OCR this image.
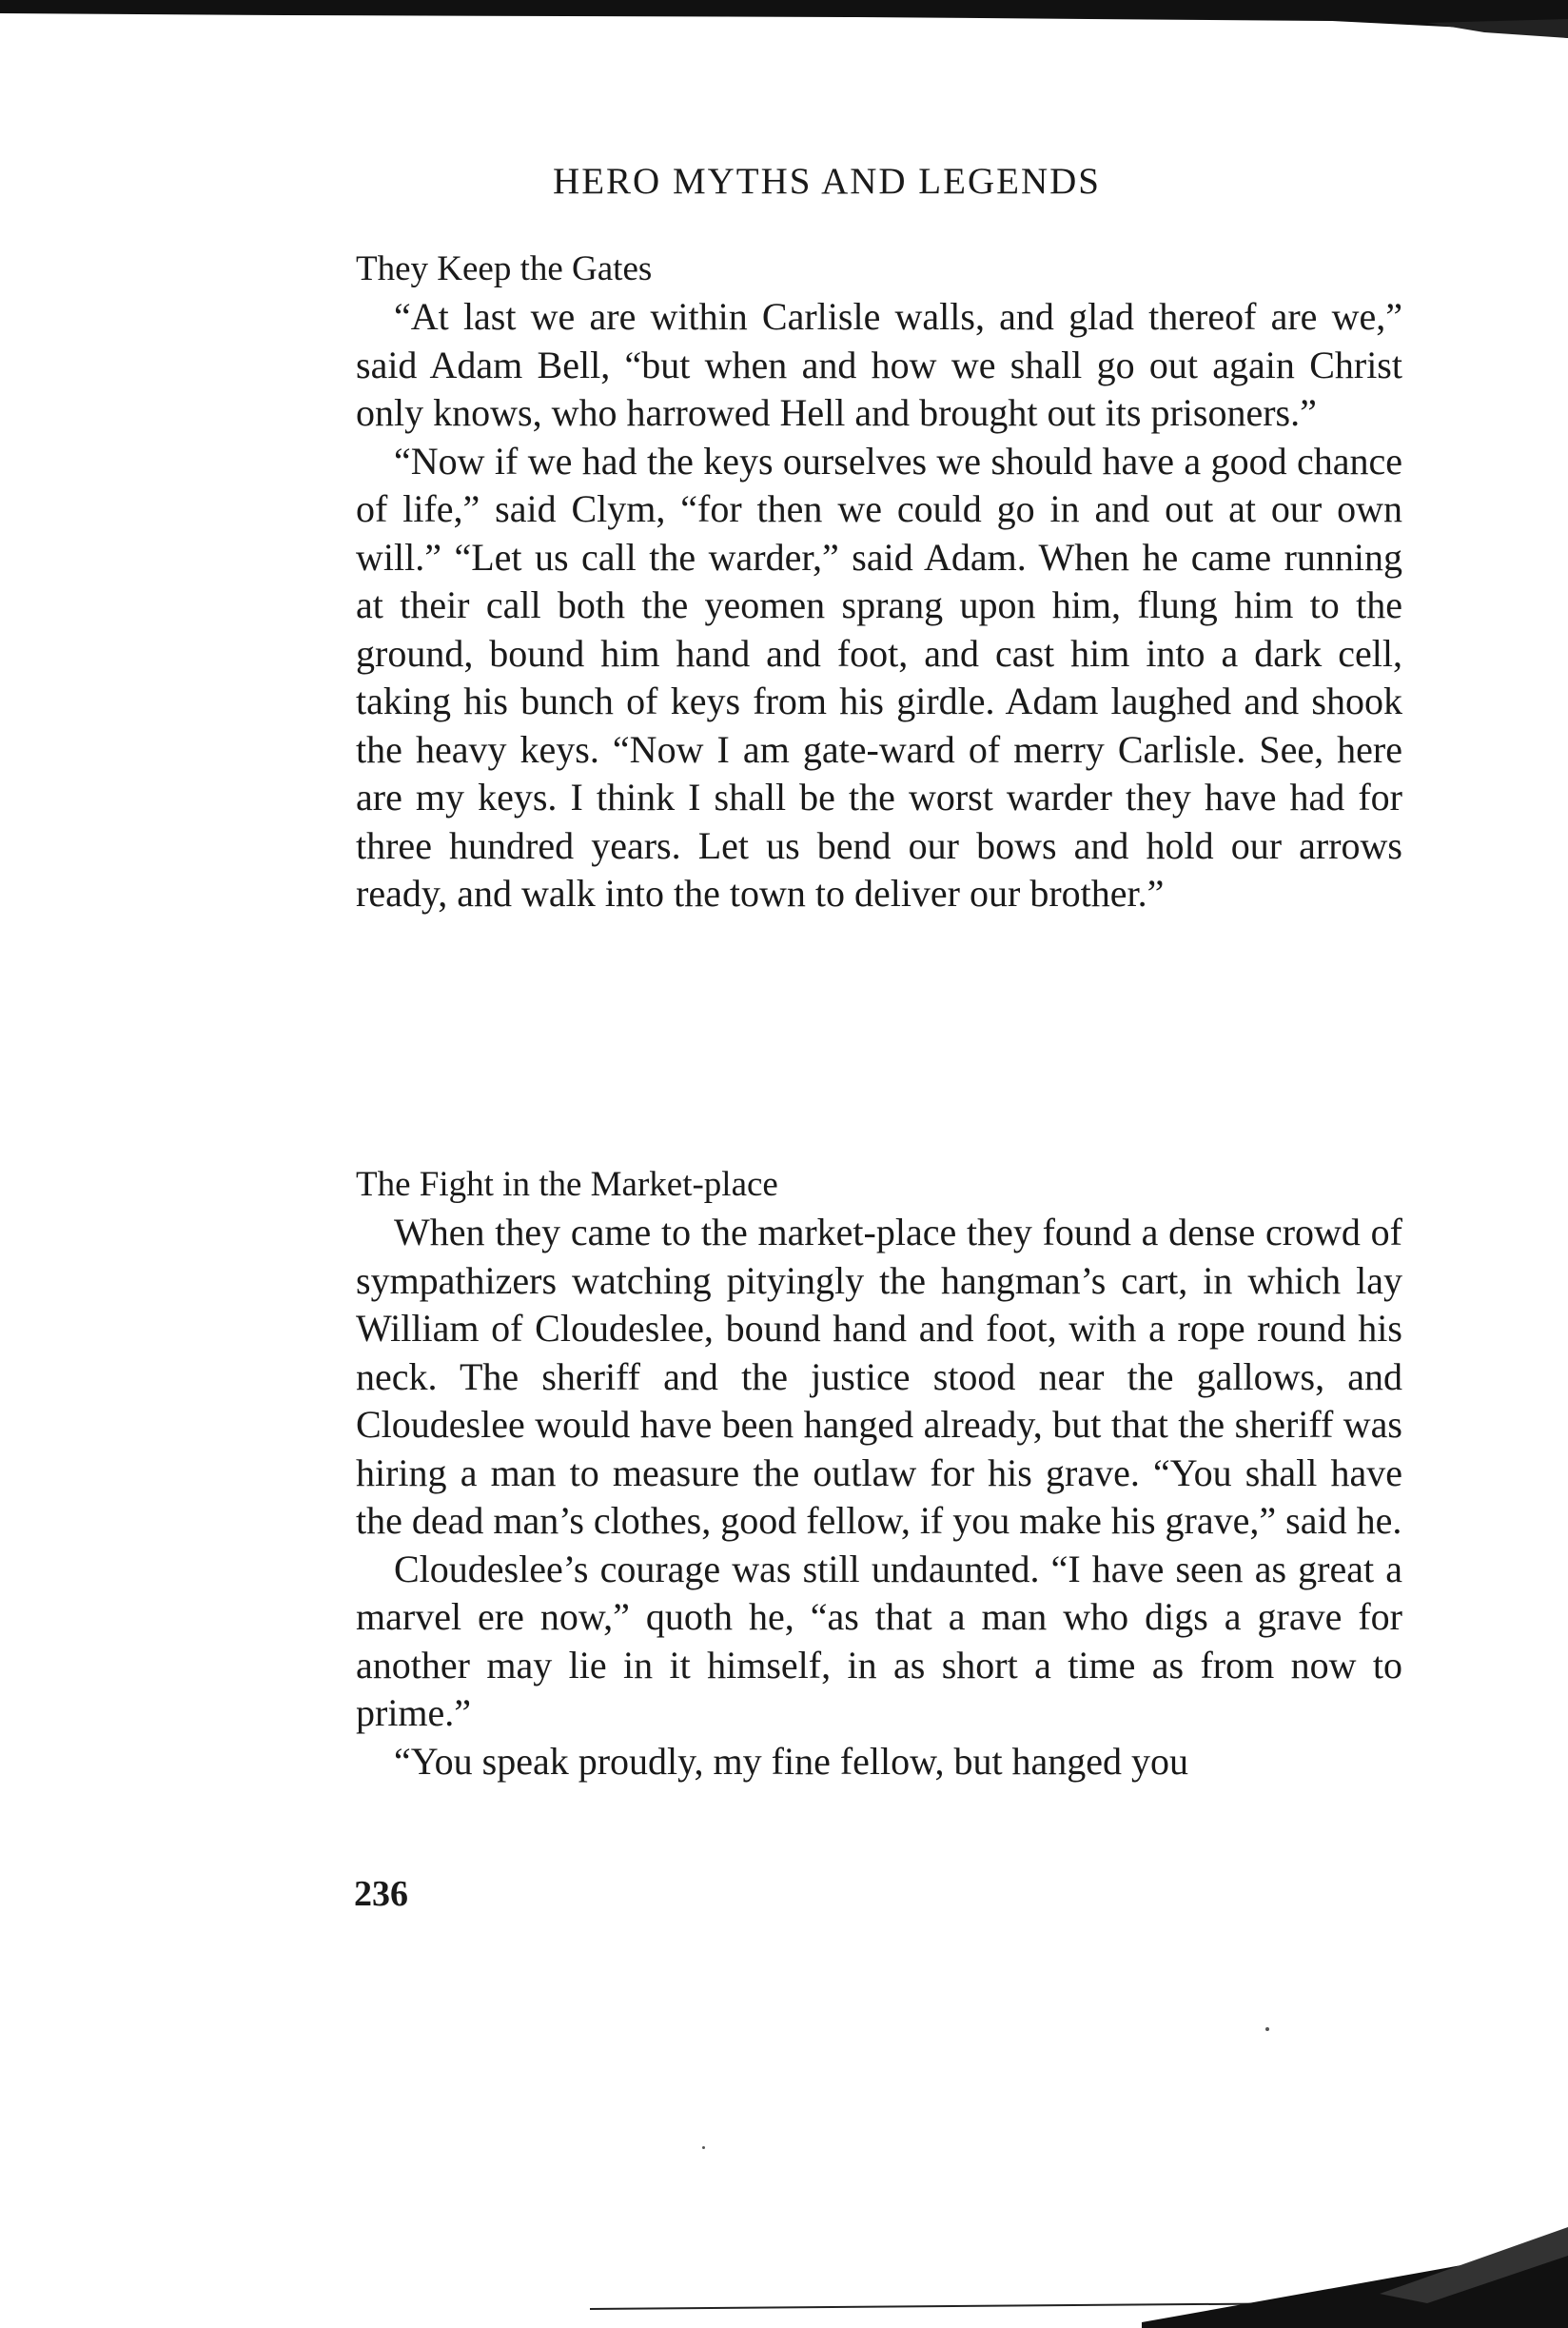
HERO MYTHS AND LEGENDS

They Keep the Gates

“At last we are within Carlisle walls, and glad thereof are we,” said Adam Bell, “but when and how we shall go out again Christ only knows, who harrowed Hell and brought out its prisoners.”

“Now if we had the keys ourselves we should have a good chance of life,” said Clym, “for then we could go in and out at our own will.” “Let us call the warder,” said Adam. When he came running at their call both the yeomen sprang upon him, flung him to the ground, bound him hand and foot, and cast him into a dark cell, taking his bunch of keys from his girdle. Adam laughed and shook the heavy keys. “Now I am gate-ward of merry Carlisle. See, here are my keys. I think I shall be the worst warder they have had for three hundred years. Let us bend our bows and hold our arrows ready, and walk into the town to deliver our brother.”

The Fight in the Market-place

When they came to the market-place they found a dense crowd of sympathizers watching pityingly the hangman’s cart, in which lay William of Cloudeslee, bound hand and foot, with a rope round his neck. The sheriff and the justice stood near the gallows, and Cloudeslee would have been hanged already, but that the sheriff was hiring a man to measure the outlaw for his grave. “You shall have the dead man’s clothes, good fellow, if you make his grave,” said he.

Cloudeslee’s courage was still undaunted. “I have seen as great a marvel ere now,” quoth he, “as that a man who digs a grave for another may lie in it himself, in as short a time as from now to prime.”

“You speak proudly, my fine fellow, but hanged you

236
